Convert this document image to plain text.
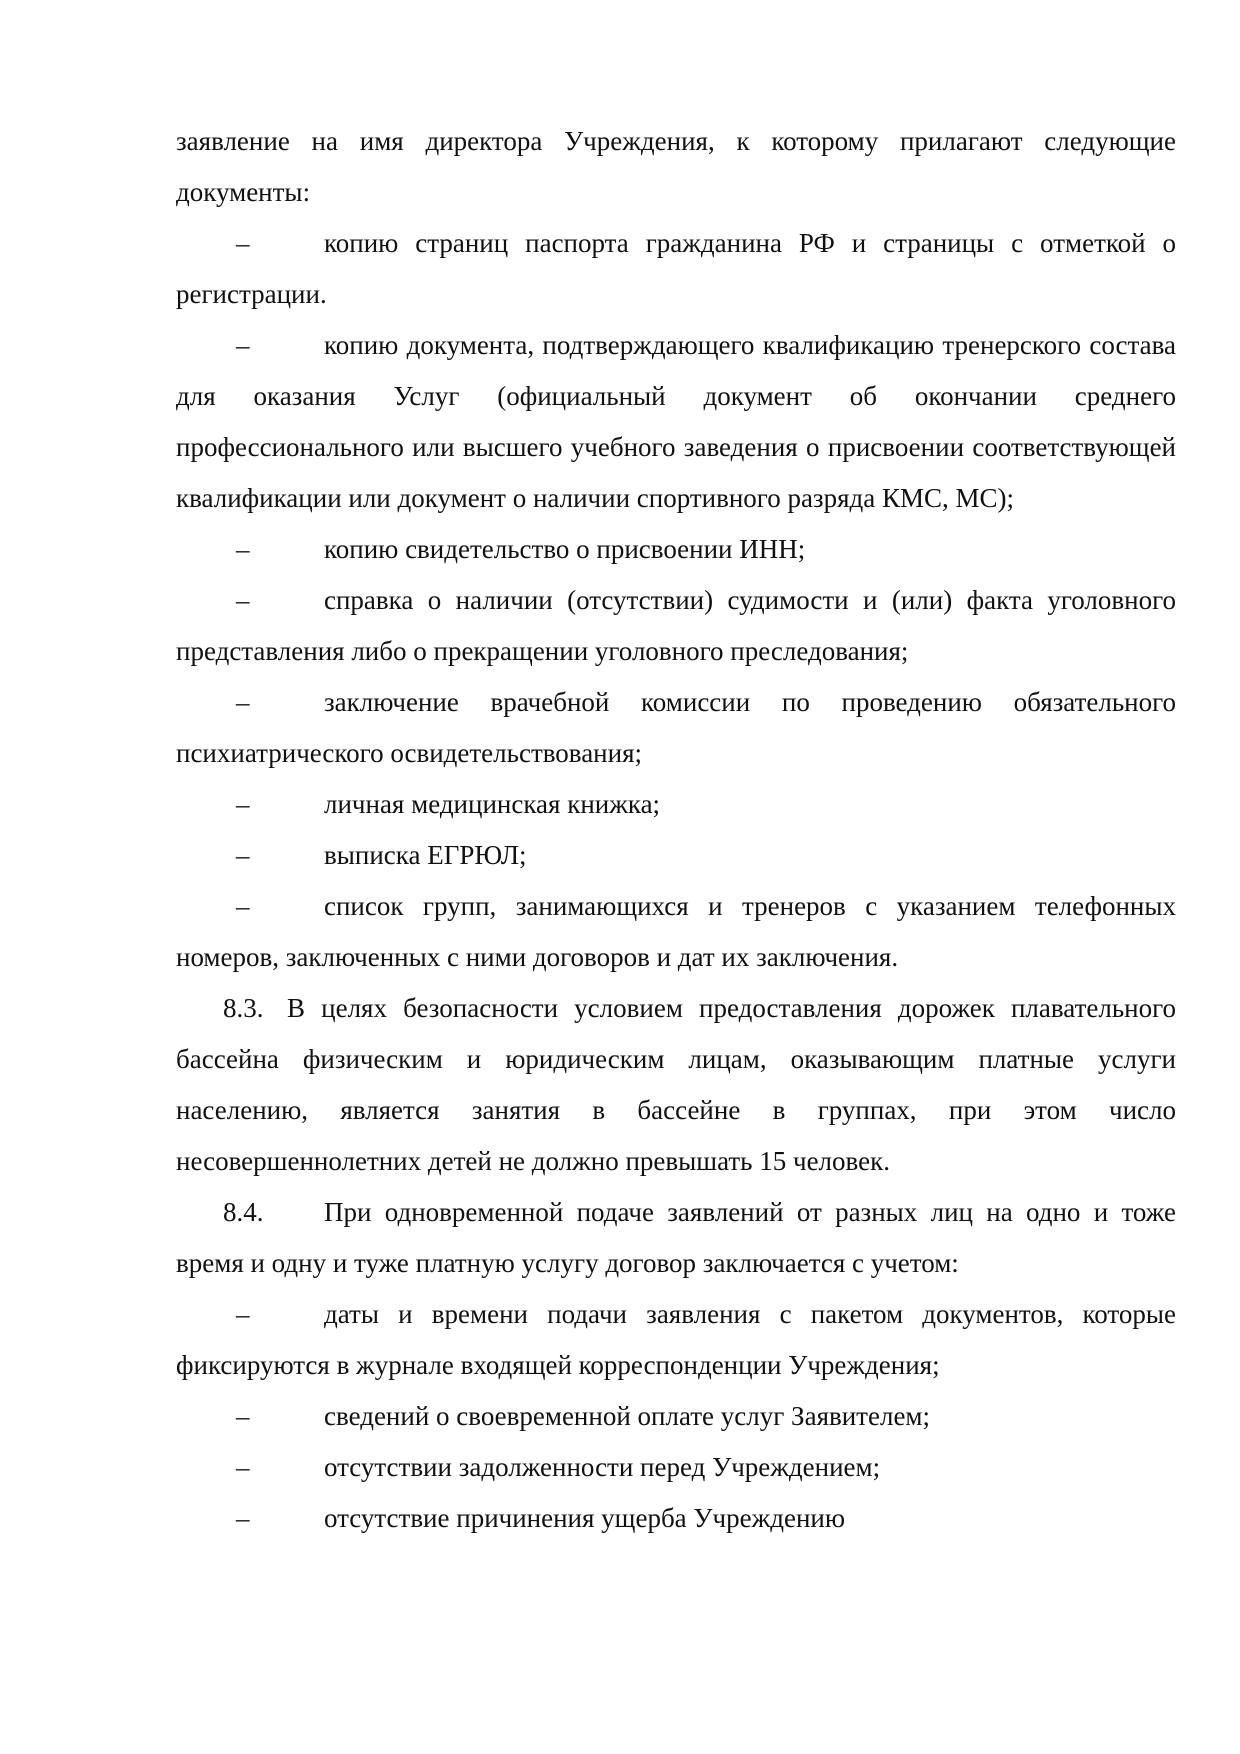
заявление на имя директора Учреждения, к которому прилагают следующие документы:

–	копию страниц паспорта гражданина РФ и страницы с отметкой о регистрации.

–	копию документа, подтверждающего квалификацию тренерского состава для оказания Услуг (официальный документ об окончании среднего профессионального или высшего учебного заведения о присвоении соответствующей квалификации или документ о наличии спортивного разряда КМС, МС);

–	копию свидетельство о присвоении ИНН;

–	справка о наличии (отсутствии) судимости и (или) факта уголовного представления либо о прекращении уголовного преследования;

–	заключение врачебной комиссии по проведению обязательного психиатрического освидетельствования;

–	личная медицинская книжка;

–	выписка ЕГРЮЛ;

–	список групп, занимающихся и тренеров с указанием телефонных номеров, заключенных с ними договоров и дат их заключения.

8.3. В целях безопасности условием предоставления дорожек плавательного бассейна физическим и юридическим лицам, оказывающим платные услуги населению, является занятия в бассейне в группах, при этом число несовершеннолетних детей не должно превышать 15 человек.

8.4. При одновременной подаче заявлений от разных лиц на одно и тоже время и одну и туже платную услугу договор заключается с учетом:

–	даты и времени подачи заявления с пакетом документов, которые фиксируются в журнале входящей корреспонденции Учреждения;

–	сведений о своевременной оплате услуг Заявителем;

–	отсутствии задолженности перед Учреждением;

–	отсутствие причинения ущерба Учреждению
